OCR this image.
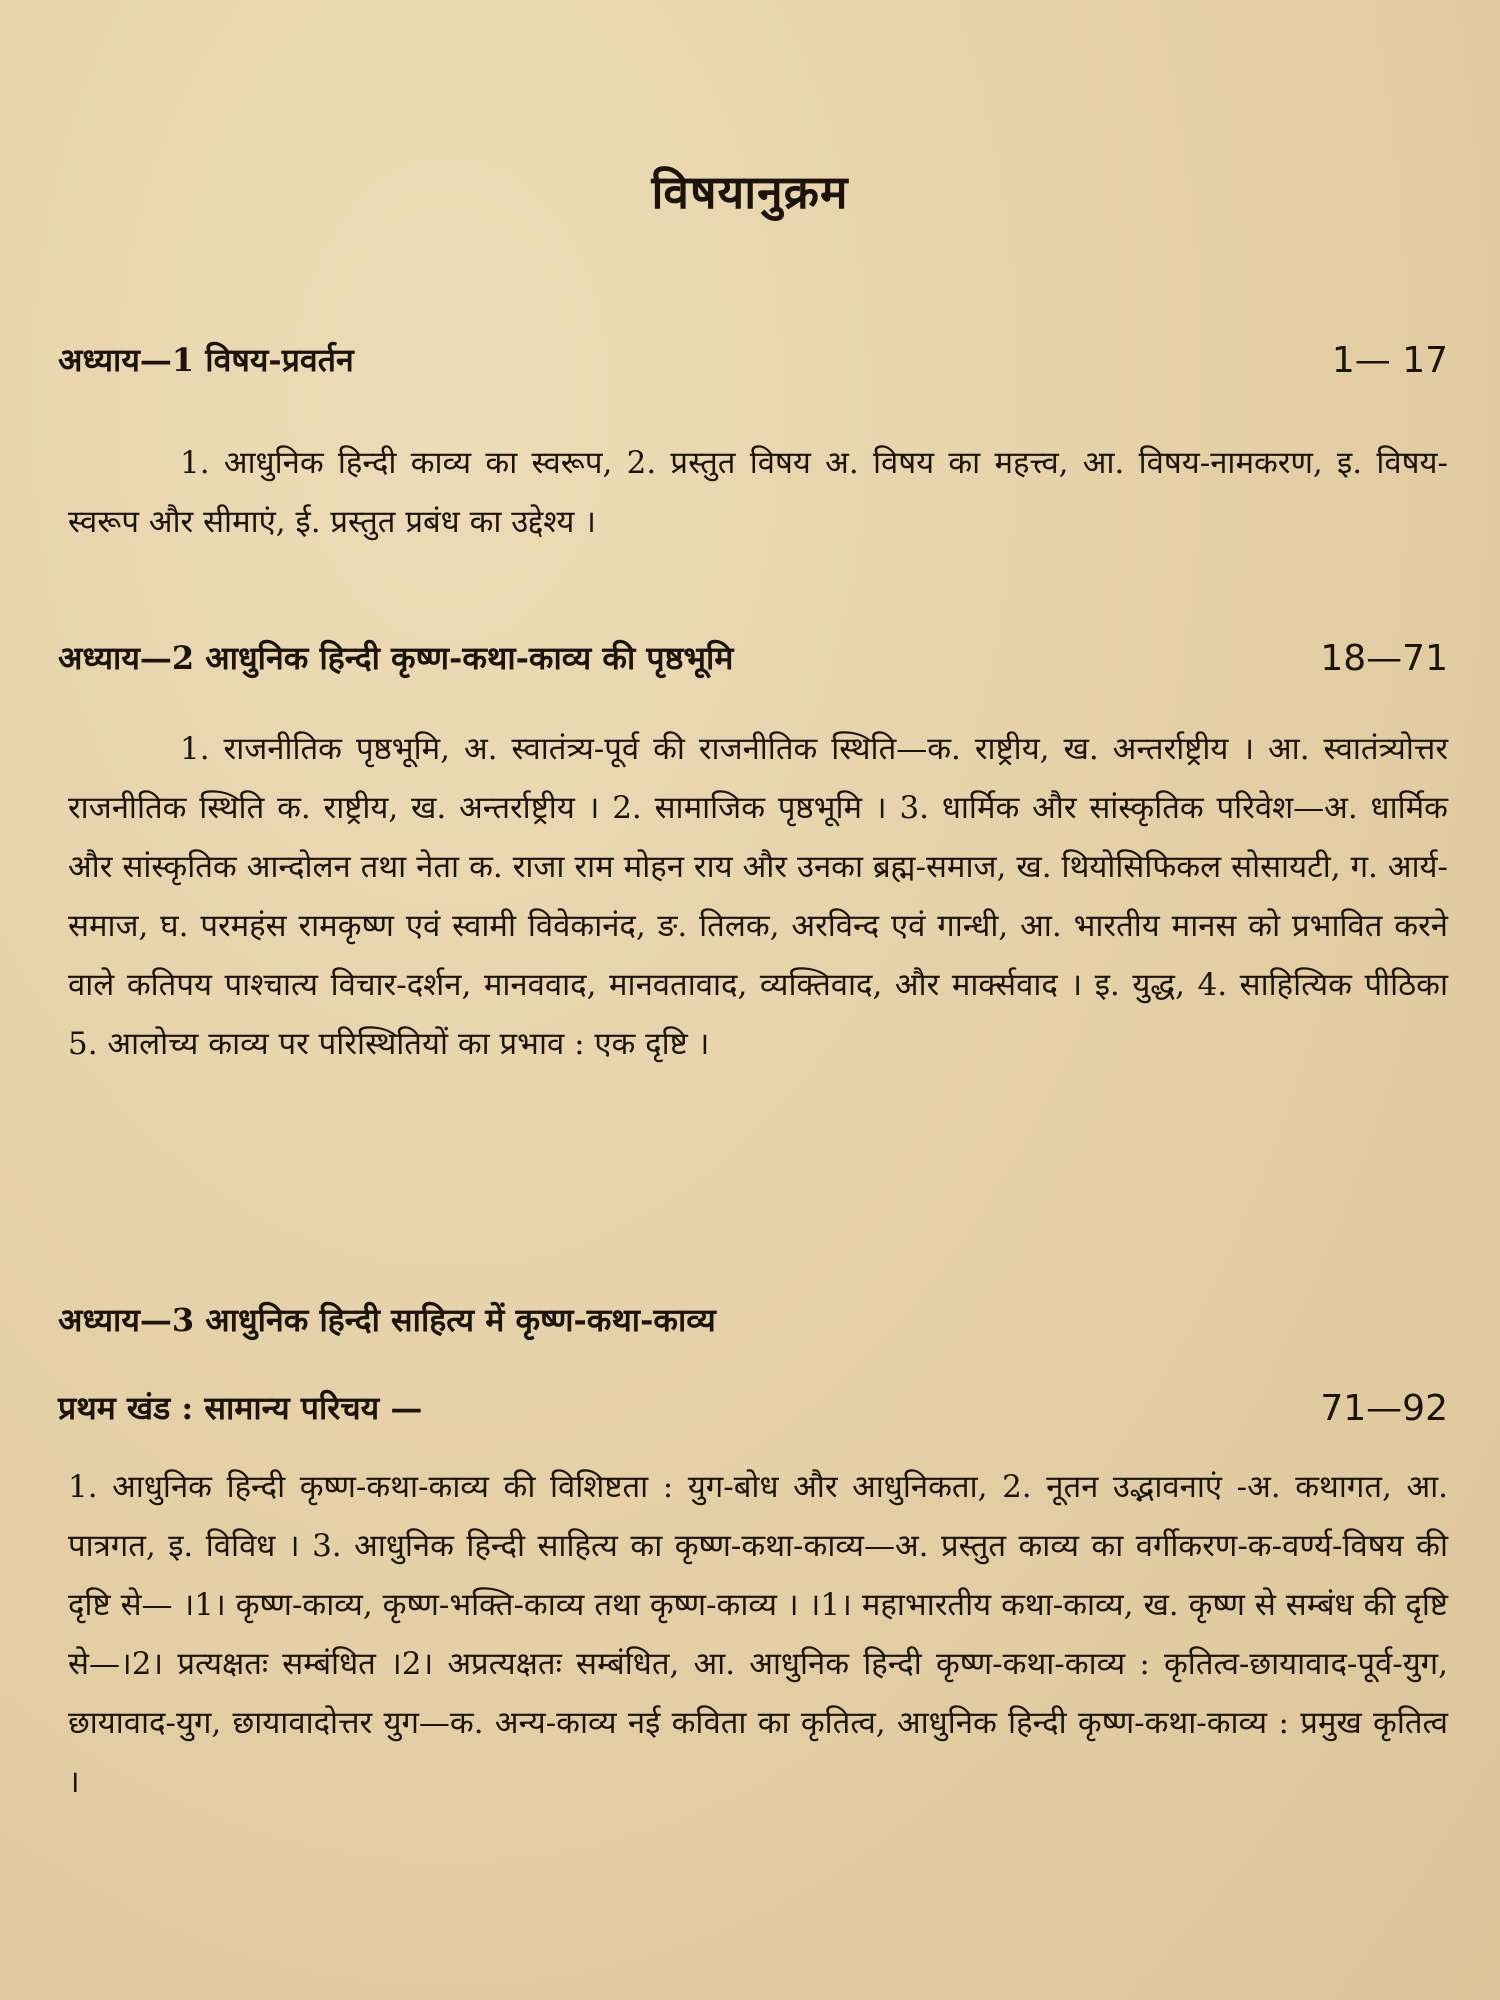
विषयानुक्रम
अध्याय—1 विषय-प्रवर्तन	1— 17
1. आधुनिक हिन्दी काव्य का स्वरूप, 2. प्रस्तुत विषय अ. विषय का महत्त्व, आ. विषय-नामकरण, इ. विषय-स्वरूप और सीमाएं, ई. प्रस्तुत प्रबंध का उद्देश्य ।
अध्याय—2 आधुनिक हिन्दी कृष्ण-कथा-काव्य की पृष्ठभूमि	18—71
1. राजनीतिक पृष्ठभूमि, अ. स्वातंत्र्य-पूर्व की राजनीतिक स्थिति—क. राष्ट्रीय, ख. अन्तर्राष्ट्रीय । आ. स्वातंत्र्योत्तर राजनीतिक स्थिति क. राष्ट्रीय, ख. अन्तर्राष्ट्रीय । 2. सामाजिक पृष्ठभूमि । 3. धार्मिक और सांस्कृतिक परिवेश—अ. धार्मिक और सांस्कृतिक आन्दोलन तथा नेता क. राजा राम मोहन राय और उनका ब्रह्म-समाज, ख. थियोसिफिकल सोसायटी, ग. आर्य-समाज, घ. परमहंस रामकृष्ण एवं स्वामी विवेकानंद, ङ. तिलक, अरविन्द एवं गान्धी, आ. भारतीय मानस को प्रभावित करने वाले कतिपय पाश्चात्य विचार-दर्शन, मानववाद, मानवतावाद, व्यक्तिवाद, और मार्क्सवाद । इ. युद्ध, 4. साहित्यिक पीठिका 5. आलोच्य काव्य पर परिस्थितियों का प्रभाव : एक दृष्टि ।
अध्याय—3 आधुनिक हिन्दी साहित्य में कृष्ण-कथा-काव्य
प्रथम खंड : सामान्य परिचय —	71—92
1. आधुनिक हिन्दी कृष्ण-कथा-काव्य की विशिष्टता : युग-बोध और आधुनिकता, 2. नूतन उद्भावनाएं -अ. कथागत, आ. पात्रगत, इ. विविध । 3. आधुनिक हिन्दी साहित्य का कृष्ण-कथा-काव्य—अ. प्रस्तुत काव्य का वर्गीकरण-क-वर्ण्य-विषय की दृष्टि से— ।1। कृष्ण-काव्य, कृष्ण-भक्ति-काव्य तथा कृष्ण-काव्य । ।1। महाभारतीय कथा-काव्य, ख. कृष्ण से सम्बंध की दृष्टि से—।2। प्रत्यक्षतः सम्बंधित ।2। अप्रत्यक्षतः सम्बंधित, आ. आधुनिक हिन्दी कृष्ण-कथा-काव्य : कृतित्व-छायावाद-पूर्व-युग, छायावाद-युग, छायावादोत्तर युग—क. अन्य-काव्य नई कविता का कृतित्व, आधुनिक हिन्दी कृष्ण-कथा-काव्य : प्रमुख कृतित्व ।
